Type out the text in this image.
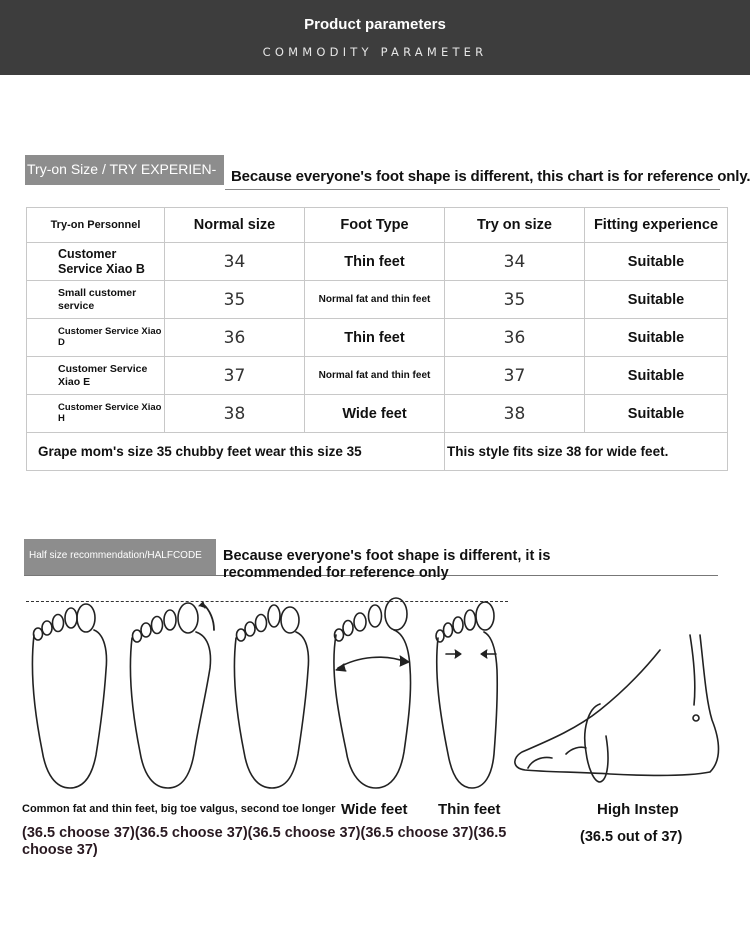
Product parameters
COMMODITY PARAMETER
Try-on Size / TRY EXPERIEN- Because everyone's foot shape is different, this chart is for reference only.
Try-on Personnel	Normal size	Foot Type	Try on size	Fitting experience
Customer Service Xiao B	34	Thin feet	34	Suitable
Small customer service	35	Normal fat and thin feet	35	Suitable
Customer Service Xiao D	36	Thin feet	36	Suitable
Customer Service Xiao E	37	Normal fat and thin feet	37	Suitable
Customer Service Xiao H	38	Wide feet	38	Suitable
Grape mom's size 35 chubby feet wear this size 35			This style fits size 38 for wide feet.	
Half size recommendation/HALFCODE	Because everyone's foot shape is different, it is recommended for reference only
Common fat and thin feet, big toe valgus, second toe longer Wide feet Thin feet	High Instep
(36.5 choose 37)(36.5 choose 37)(36.5 choose 37)(36.5 choose 37)(36.5 choose 37)
(36.5 out of 37)
